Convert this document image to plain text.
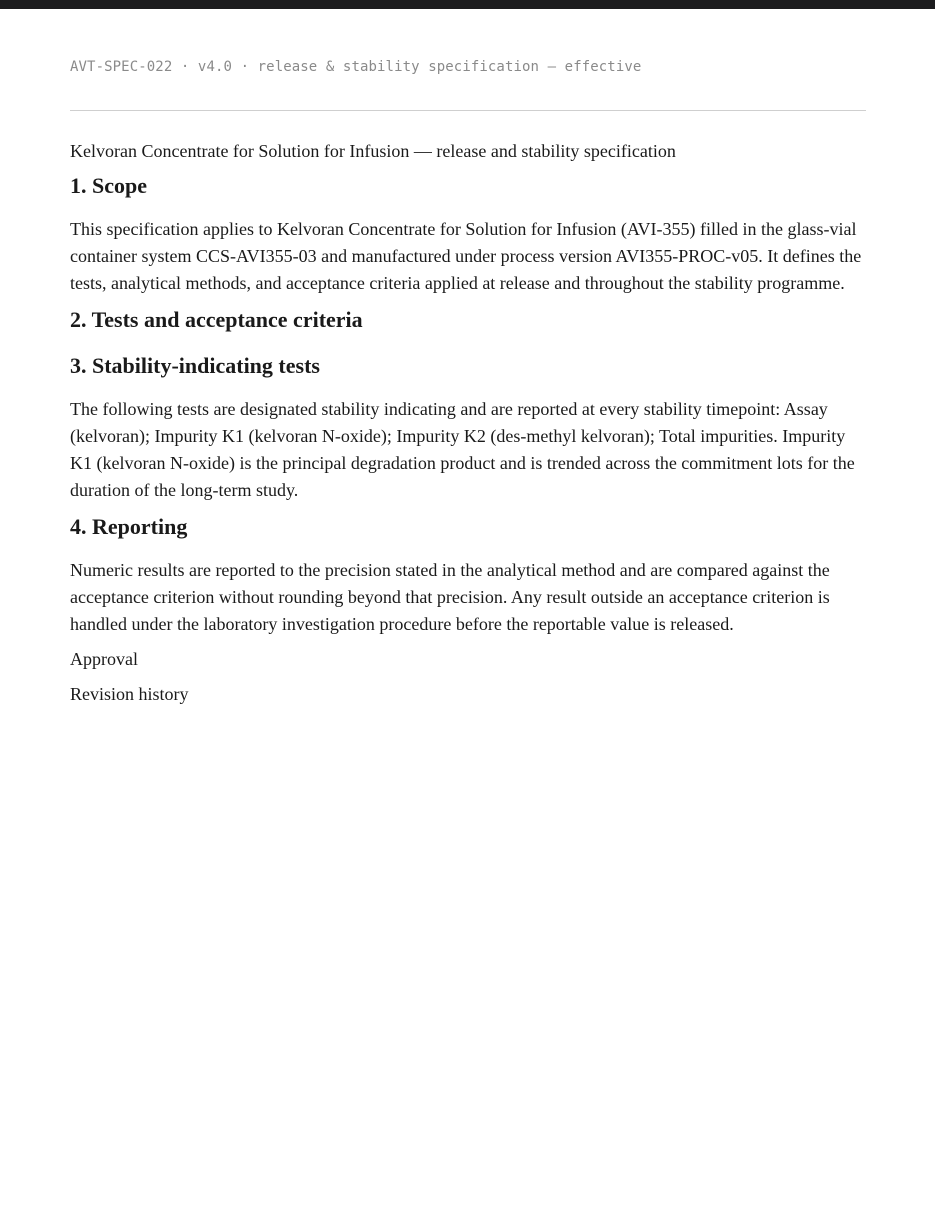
AVT-SPEC-022 · v4.0 · release & stability specification — effective
Kelvoran Concentrate for Solution for Infusion — release and stability specification
1. Scope

This specification applies to Kelvoran Concentrate for Solution for Infusion (AVI-355) filled in the glass-vial container system CCS-AVI355-03 and manufactured under process version AVI355-PROC-v05. It defines the tests, analytical methods, and acceptance criteria applied at release and throughout the stability programme.

2. Tests and acceptance criteria
3. Stability-indicating tests

The following tests are designated stability indicating and are reported at every stability timepoint: Assay (kelvoran); Impurity K1 (kelvoran N-oxide); Impurity K2 (des-methyl kelvoran); Total impurities. Impurity K1 (kelvoran N-oxide) is the principal degradation product and is trended across the commitment lots for the duration of the long-term study.

4. Reporting

Numeric results are reported to the precision stated in the analytical method and are compared against the acceptance criterion without rounding beyond that precision. Any result outside an acceptance criterion is handled under the laboratory investigation procedure before the reportable value is released.

Approval
Revision history
